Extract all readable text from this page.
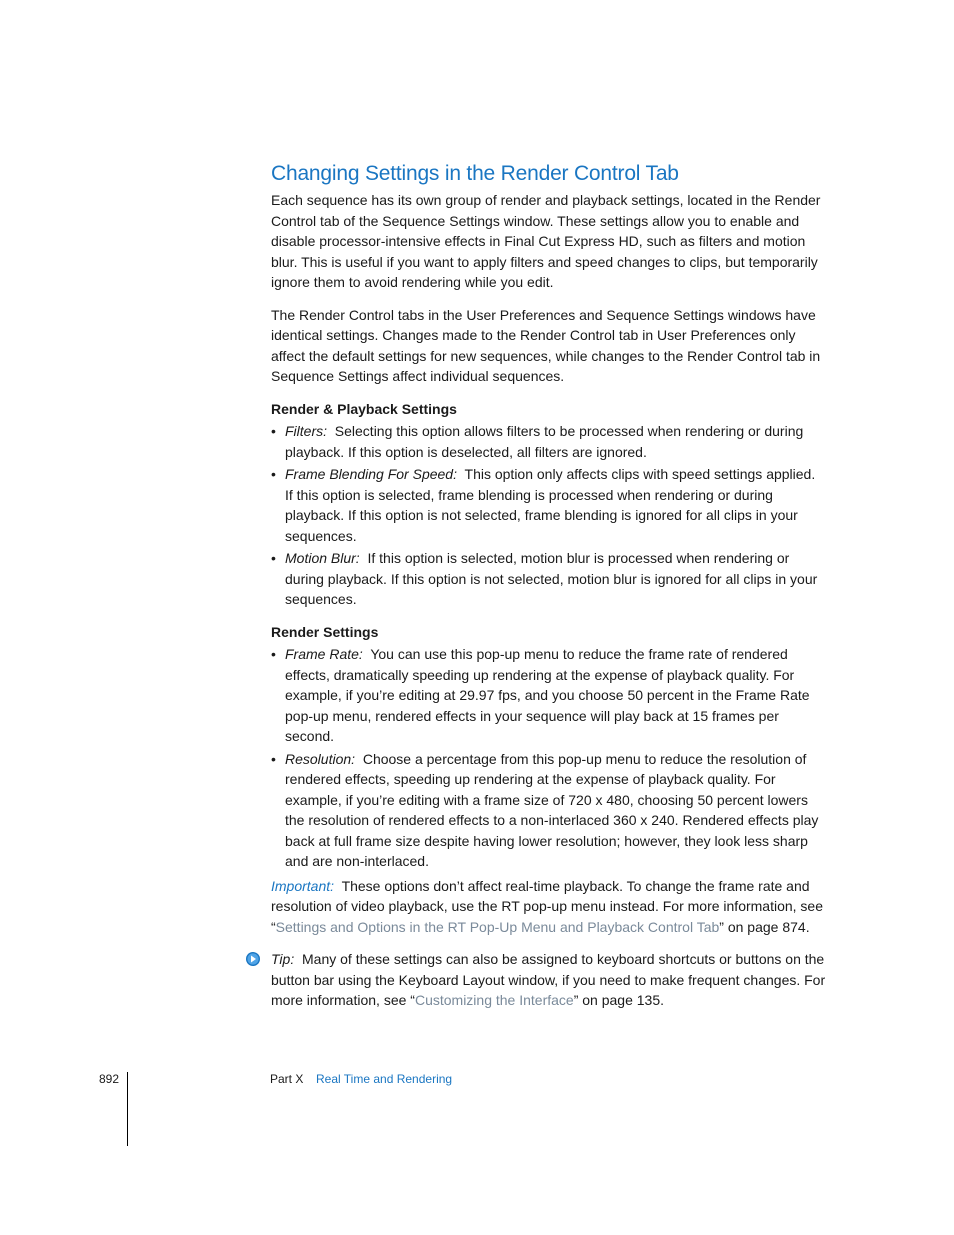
Changing Settings in the Render Control Tab

Each sequence has its own group of render and playback settings, located in the Render Control tab of the Sequence Settings window. These settings allow you to enable and disable processor-intensive effects in Final Cut Express HD, such as filters and motion blur. This is useful if you want to apply filters and speed changes to clips, but temporarily ignore them to avoid rendering while you edit.

The Render Control tabs in the User Preferences and Sequence Settings windows have identical settings. Changes made to the Render Control tab in User Preferences only affect the default settings for new sequences, while changes to the Render Control tab in Sequence Settings affect individual sequences.

Render & Playback Settings
• Filters: Selecting this option allows filters to be processed when rendering or during playback. If this option is deselected, all filters are ignored.
• Frame Blending For Speed: This option only affects clips with speed settings applied. If this option is selected, frame blending is processed when rendering or during playback. If this option is not selected, frame blending is ignored for all clips in your sequences.
• Motion Blur: If this option is selected, motion blur is processed when rendering or during playback. If this option is not selected, motion blur is ignored for all clips in your sequences.
Render Settings
• Frame Rate: You can use this pop-up menu to reduce the frame rate of rendered effects, dramatically speeding up rendering at the expense of playback quality. For example, if you’re editing at 29.97 fps, and you choose 50 percent in the Frame Rate pop-up menu, rendered effects in your sequence will play back at 15 frames per second.
• Resolution: Choose a percentage from this pop-up menu to reduce the resolution of rendered effects, speeding up rendering at the expense of playback quality. For example, if you’re editing with a frame size of 720 x 480, choosing 50 percent lowers the resolution of rendered effects to a non-interlaced 360 x 240. Rendered effects play back at full frame size despite having lower resolution; however, they look less sharp and are non-interlaced.

Important: These options don’t affect real-time playback. To change the frame rate and resolution of video playback, use the RT pop-up menu instead. For more information, see “Settings and Options in the RT Pop-Up Menu and Playback Control Tab” on page 874.

Tip: Many of these settings can also be assigned to keyboard shortcuts or buttons on the button bar using the Keyboard Layout window, if you need to make frequent changes. For more information, see “Customizing the Interface” on page 135.

892	Part X Real Time and Rendering
